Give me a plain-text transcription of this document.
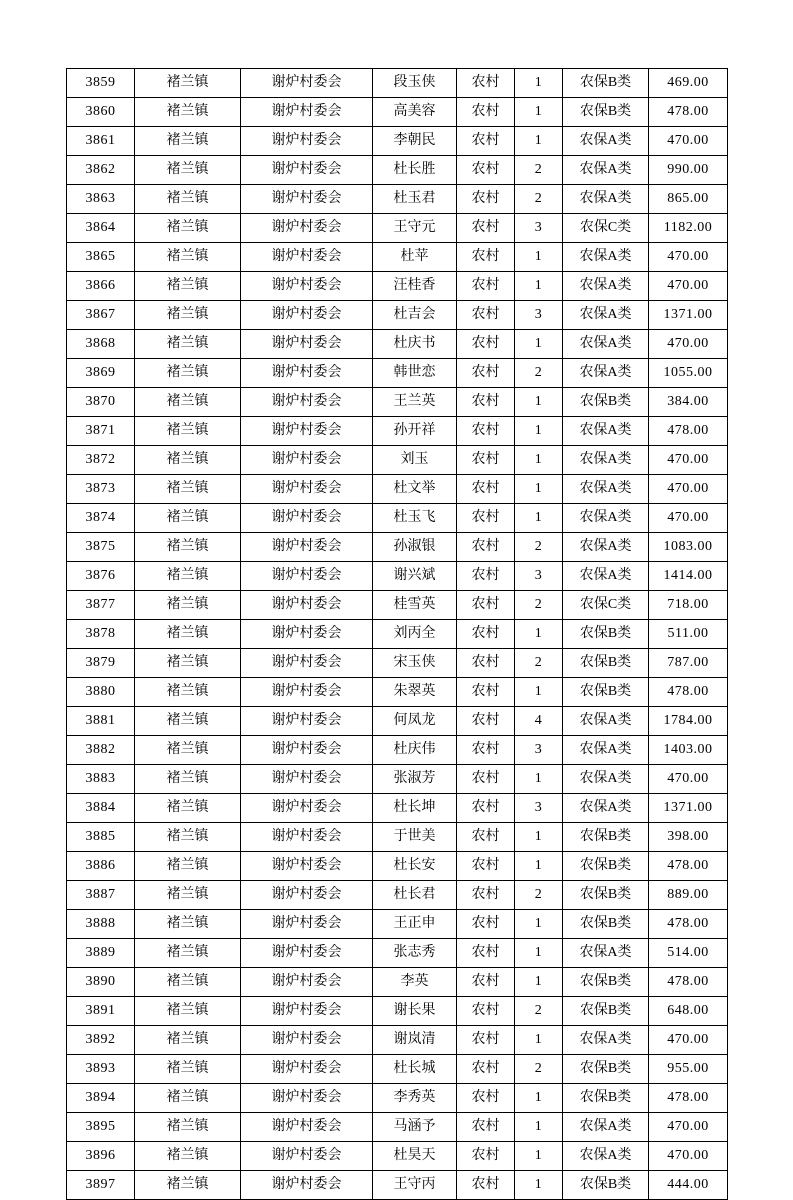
3859	褚兰镇	谢炉村委会	段玉侠	农村	1	农保B类	469.00
3860	褚兰镇	谢炉村委会	高美容	农村	1	农保B类	478.00
3861	褚兰镇	谢炉村委会	李朝民	农村	1	农保A类	470.00
3862	褚兰镇	谢炉村委会	杜长胜	农村	2	农保A类	990.00
3863	褚兰镇	谢炉村委会	杜玉君	农村	2	农保A类	865.00
3864	褚兰镇	谢炉村委会	王守元	农村	3	农保C类	1182.00
3865	褚兰镇	谢炉村委会	杜苹	农村	1	农保A类	470.00
3866	褚兰镇	谢炉村委会	汪桂香	农村	1	农保A类	470.00
3867	褚兰镇	谢炉村委会	杜吉会	农村	3	农保A类	1371.00
3868	褚兰镇	谢炉村委会	杜庆书	农村	1	农保A类	470.00
3869	褚兰镇	谢炉村委会	韩世恋	农村	2	农保A类	1055.00
3870	褚兰镇	谢炉村委会	王兰英	农村	1	农保B类	384.00
3871	褚兰镇	谢炉村委会	孙开祥	农村	1	农保A类	478.00
3872	褚兰镇	谢炉村委会	刘玉	农村	1	农保A类	470.00
3873	褚兰镇	谢炉村委会	杜文举	农村	1	农保A类	470.00
3874	褚兰镇	谢炉村委会	杜玉飞	农村	1	农保A类	470.00
3875	褚兰镇	谢炉村委会	孙淑银	农村	2	农保A类	1083.00
3876	褚兰镇	谢炉村委会	谢兴斌	农村	3	农保A类	1414.00
3877	褚兰镇	谢炉村委会	桂雪英	农村	2	农保C类	718.00
3878	褚兰镇	谢炉村委会	刘丙全	农村	1	农保B类	511.00
3879	褚兰镇	谢炉村委会	宋玉侠	农村	2	农保B类	787.00
3880	褚兰镇	谢炉村委会	朱翠英	农村	1	农保B类	478.00
3881	褚兰镇	谢炉村委会	何凤龙	农村	4	农保A类	1784.00
3882	褚兰镇	谢炉村委会	杜庆伟	农村	3	农保A类	1403.00
3883	褚兰镇	谢炉村委会	张淑芳	农村	1	农保A类	470.00
3884	褚兰镇	谢炉村委会	杜长坤	农村	3	农保A类	1371.00
3885	褚兰镇	谢炉村委会	于世美	农村	1	农保B类	398.00
3886	褚兰镇	谢炉村委会	杜长安	农村	1	农保B类	478.00
3887	褚兰镇	谢炉村委会	杜长君	农村	2	农保B类	889.00
3888	褚兰镇	谢炉村委会	王正申	农村	1	农保B类	478.00
3889	褚兰镇	谢炉村委会	张志秀	农村	1	农保A类	514.00
3890	褚兰镇	谢炉村委会	李英	农村	1	农保B类	478.00
3891	褚兰镇	谢炉村委会	谢长果	农村	2	农保B类	648.00
3892	褚兰镇	谢炉村委会	谢岚清	农村	1	农保A类	470.00
3893	褚兰镇	谢炉村委会	杜长城	农村	2	农保B类	955.00
3894	褚兰镇	谢炉村委会	李秀英	农村	1	农保B类	478.00
3895	褚兰镇	谢炉村委会	马涵予	农村	1	农保A类	470.00
3896	褚兰镇	谢炉村委会	杜昊天	农村	1	农保A类	470.00
3897	褚兰镇	谢炉村委会	王守丙	农村	1	农保B类	444.00
